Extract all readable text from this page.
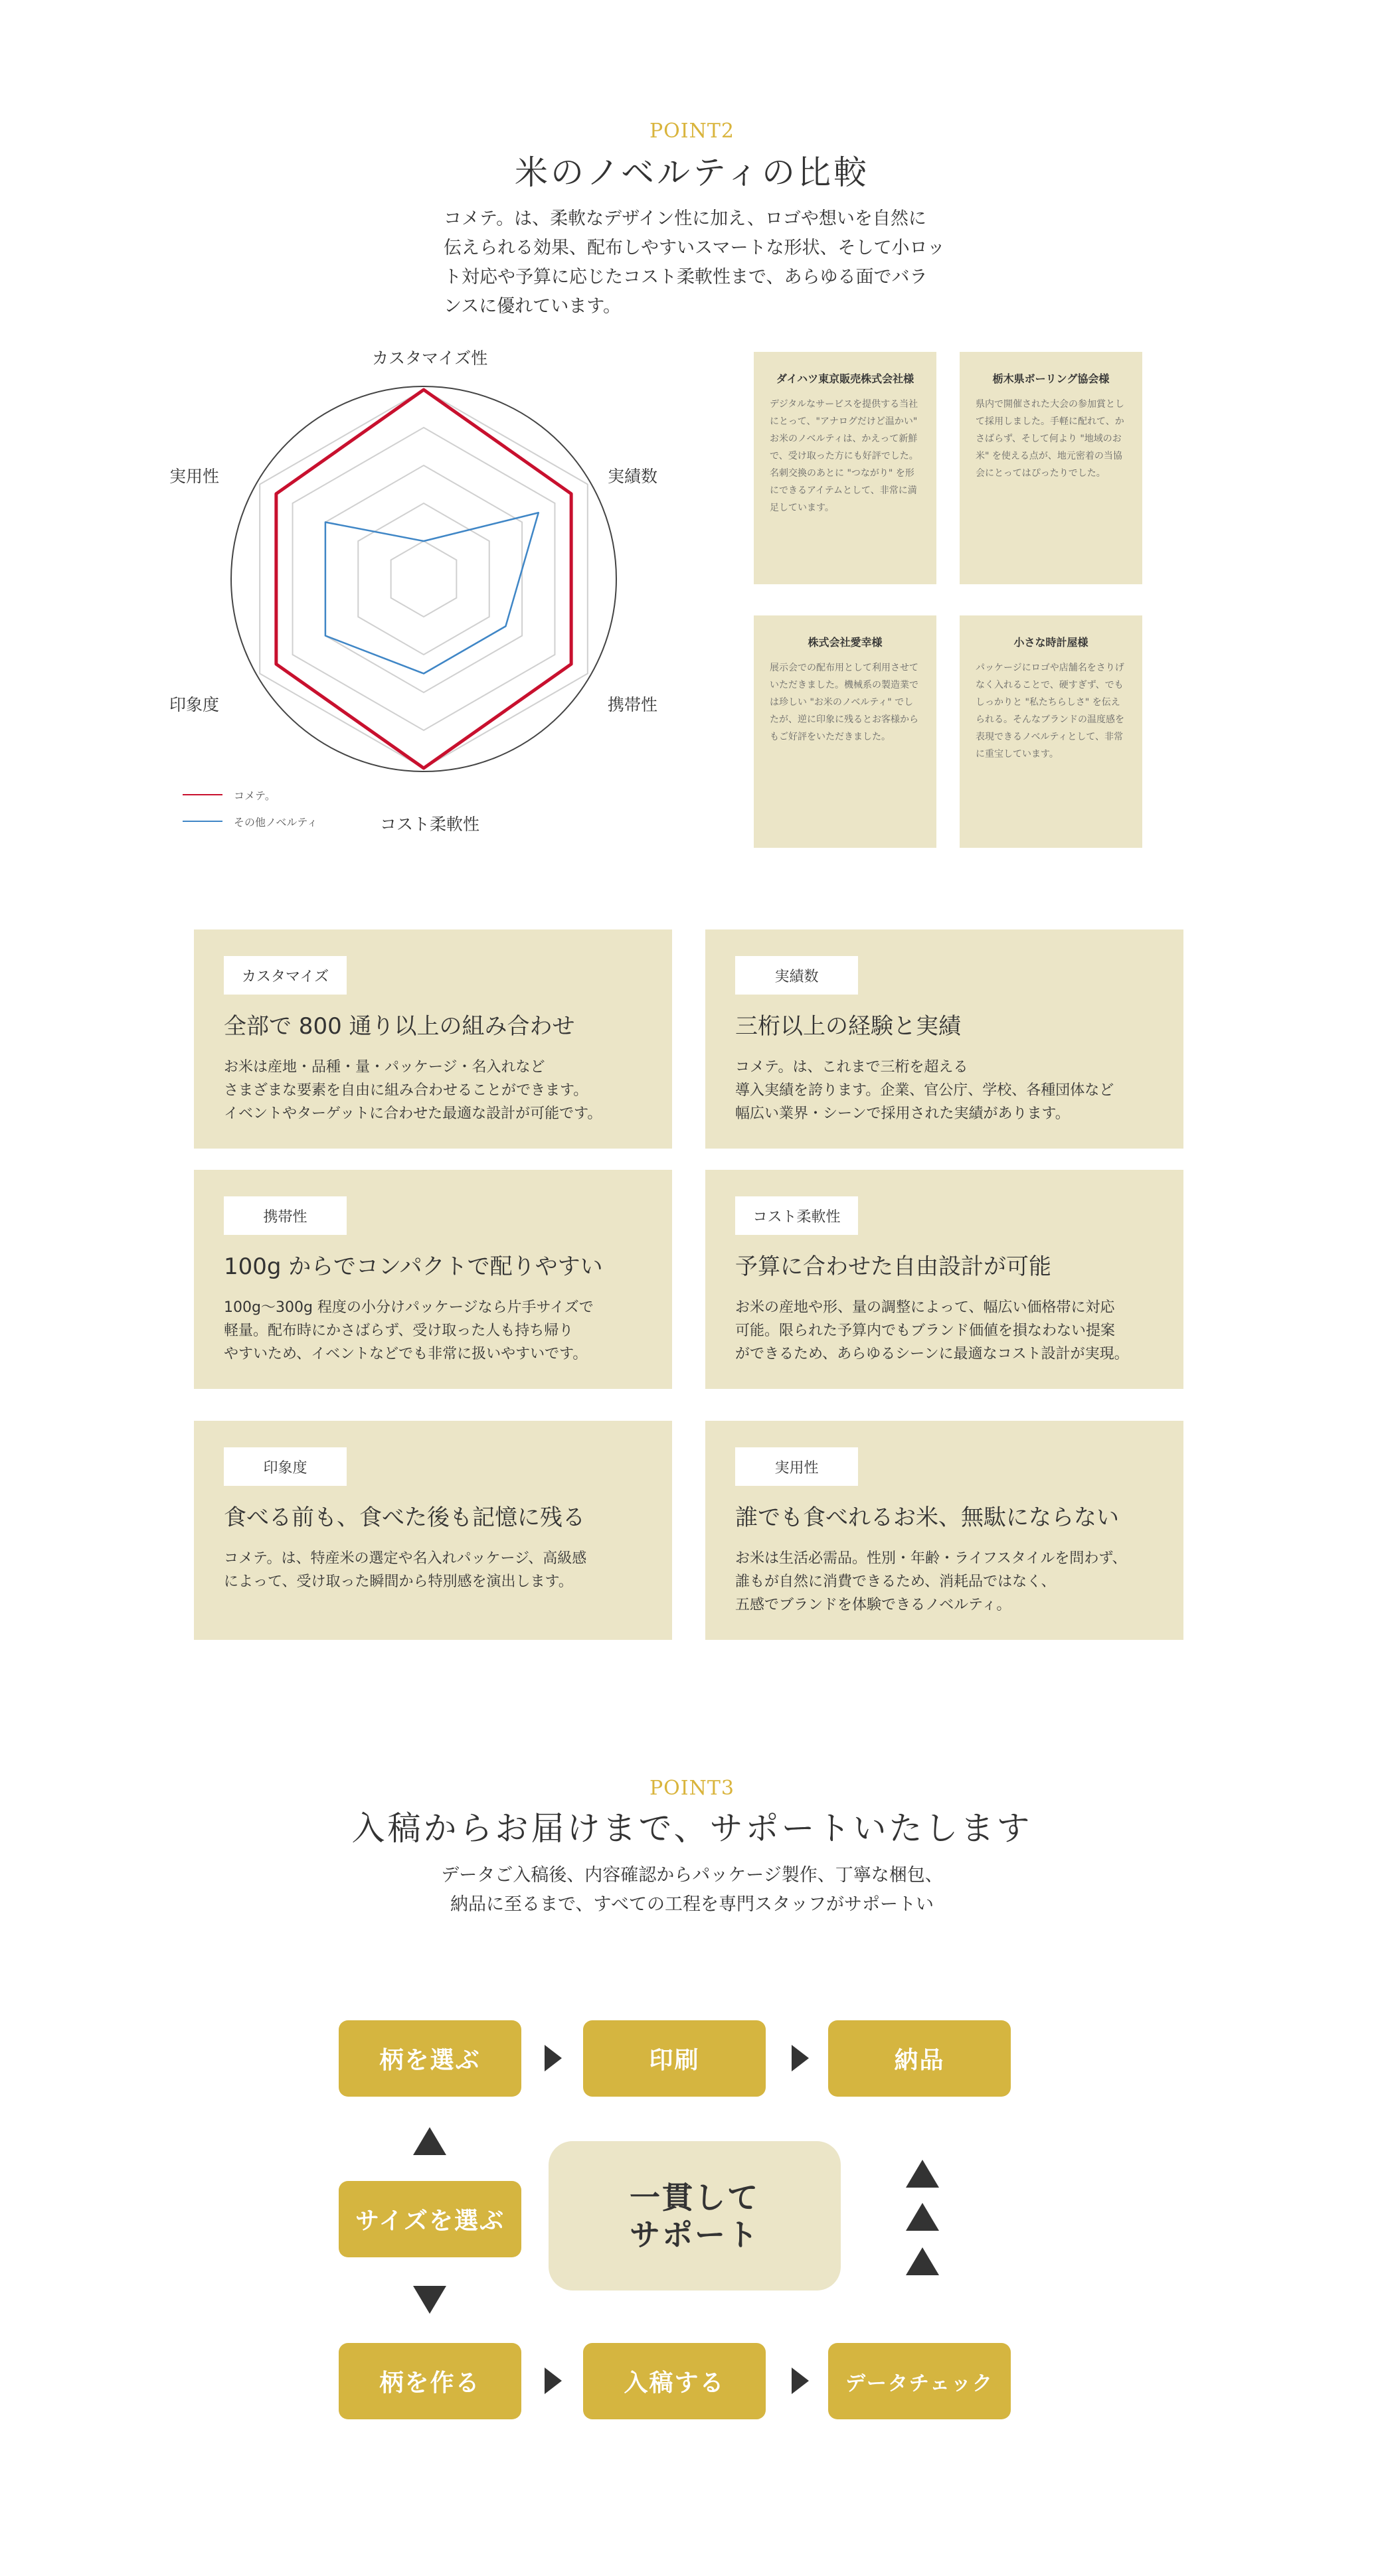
POINT2
米のノベルティの比較
コメテ。は、柔軟なデザイン性に加え、ロゴや想いを自然に
伝えられる効果、配布しやすいスマートな形状、そして小ロッ
ト対応や予算に応じたコスト柔軟性まで、あらゆる面でバラ
ンスに優れています。
カスタマイズ性
実績数
携帯性
コスト柔軟性
印象度
実用性
コメテ。
その他ノベルティ
ダイハツ東京販売株式会社様
デジタルなサービスを提供する当社にとって、"アナログだけど温かい" お米のノベルティは、かえって新鮮で、受け取った方にも好評でした。名刺交換のあとに "つながり" を形にできるアイテムとして、非常に満足しています。
栃木県ボーリング協会様
県内で開催された大会の参加賞として採用しました。手軽に配れて、かさばらず、そして何より "地域のお米" を使える点が、地元密着の当協会にとってはぴったりでした。
株式会社愛幸様
展示会での配布用として利用させていただきました。機械系の製造業では珍しい "お米のノベルティ" でしたが、逆に印象に残るとお客様からもご好評をいただきました。
小さな時計屋様
パッケージにロゴや店舗名をさりげなく入れることで、硬すぎず、でもしっかりと "私たちらしさ" を伝えられる。そんなブランドの温度感を表現できるノベルティとして、非常に重宝しています。
カスタマイズ
全部で 800 通り以上の組み合わせ
お米は産地・品種・量・パッケージ・名入れなど
さまざまな要素を自由に組み合わせることができます。
イベントやターゲットに合わせた最適な設計が可能です。
実績数
三桁以上の経験と実績
コメテ。は、これまで三桁を超える
導入実績を誇ります。企業、官公庁、学校、各種団体など
幅広い業界・シーンで採用された実績があります。
携帯性
100g からでコンパクトで配りやすい
100g～300g 程度の小分けパッケージなら片手サイズで
軽量。配布時にかさばらず、受け取った人も持ち帰り
やすいため、イベントなどでも非常に扱いやすいです。
コスト柔軟性
予算に合わせた自由設計が可能
お米の産地や形、量の調整によって、幅広い価格帯に対応
可能。限られた予算内でもブランド価値を損なわない提案
ができるため、あらゆるシーンに最適なコスト設計が実現。
印象度
食べる前も、食べた後も記憶に残る
コメテ。は、特産米の選定や名入れパッケージ、高級感
によって、受け取った瞬間から特別感を演出します。
実用性
誰でも食べれるお米、無駄にならない
お米は生活必需品。性別・年齢・ライフスタイルを問わず、
誰もが自然に消費できるため、消耗品ではなく、
五感でブランドを体験できるノベルティ。
POINT3
入稿からお届けまで、サポートいたします
データご入稿後、内容確認からパッケージ製作、丁寧な梱包、
納品に至るまで、すべての工程を専門スタッフがサポートい
柄を選ぶ	印刷	納品
サイズを選ぶ
柄を作る	入稿する	データチェック
一貫して
サポート
